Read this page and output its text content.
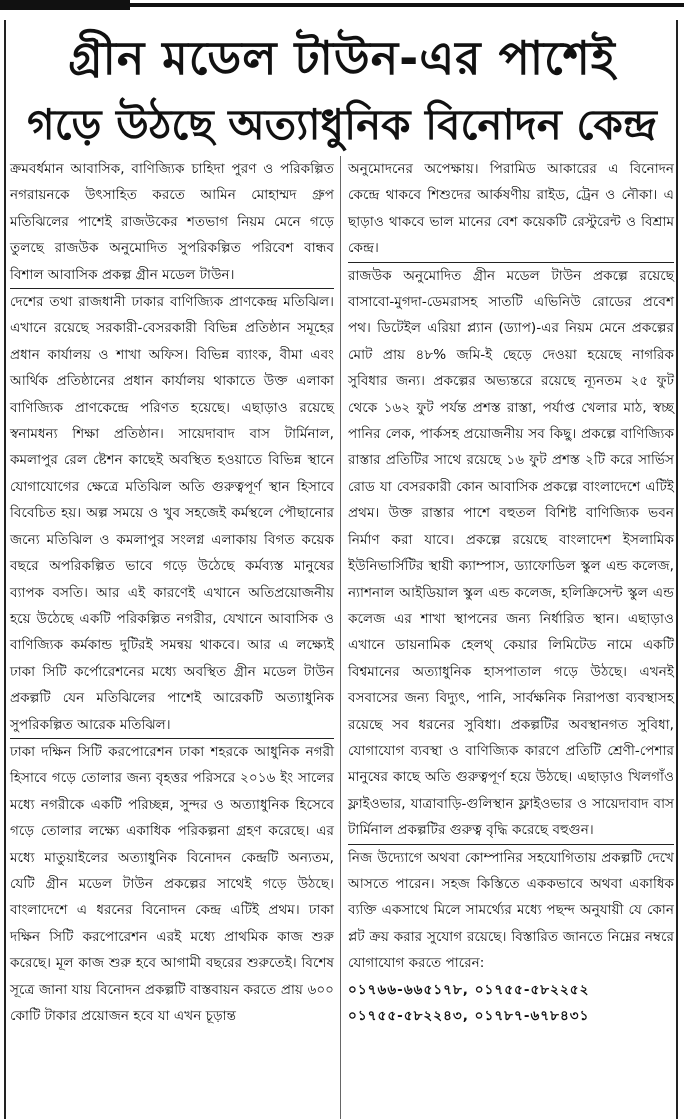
গ্রীন মডেল টাউন-এর পাশেই
গড়ে উঠছে অত্যাধুনিক বিনোদন কেন্দ্র

ক্রমবর্ধমান আবাসিক, বাণিজ্যিক চাহিদা পুরণ ও পরিকল্পিত নগরায়নকে উৎসাহিত করতে আমিন মোহাম্মদ গ্রুপ মতিঝিলের পাশেই রাজউকের শতভাগ নিয়ম মেনে গড়ে তুলছে রাজউক অনুমোদিত সুপরিকল্পিত পরিবেশ বান্ধব বিশাল আবাসিক প্রকল্প গ্রীন মডেল টাউন।

দেশের তথা রাজধানী ঢাকার বাণিজ্যিক প্রাণকেন্দ্র মতিঝিল। এখানে রয়েছে সরকারী-বেসরকারী বিভিন্ন প্রতিষ্ঠান সমূহের প্রধান কার্যালয় ও শাখা অফিস। বিভিন্ন ব্যাংক, বীমা এবং আর্থিক প্রতিষ্ঠানের প্রধান কার্যালয় থাকাতে উক্ত এলাকা বাণিজ্যিক প্রাণকেন্দ্রে পরিণত হয়েছে। এছাড়াও রয়েছে স্বনামধন্য শিক্ষা প্রতিষ্ঠান। সায়েদাবাদ বাস টার্মিনাল, কমলাপুর রেল ষ্টেশন কাছেই অবস্থিত হওয়াতে বিভিন্ন স্থানে যোগাযোগের ক্ষেত্রে মতিঝিল অতি গুরুত্বপূর্ণ স্থান হিসাবে বিবেচিত হয়। অল্প সময়ে ও খুব সহজেই কর্মস্থলে পৌছানোর জন্যে মতিঝিল ও কমলাপুর সংলগ্ন এলাকায় বিগত কয়েক বছরে অপরিকল্পিত ভাবে গড়ে উঠেছে কর্মব্যস্ত মানুষের ব্যাপক বসতি। আর এই কারণেই এখানে অতিপ্রয়োজনীয় হয়ে উঠেছে একটি পরিকল্পিত নগরীর, যেখানে আবাসিক ও বাণিজ্যিক কর্মকান্ড দুটিরই সমন্বয় থাকবে। আর এ লক্ষ্যেই ঢাকা সিটি কর্পোরেশনের মধ্যে অবস্থিত গ্রীন মডেল টাউন প্রকল্পটি যেন মতিঝিলের পাশেই আরেকটি অত্যাধুনিক সুপরিকল্পিত আরেক মতিঝিল।

ঢাকা দক্ষিন সিটি করপোরেশন ঢাকা শহরকে আধুনিক নগরী হিসাবে গড়ে তোলার জন্য বৃহত্তর পরিসরে ২০১৬ ইং সালের মধ্যে নগরীকে একটি পরিচ্ছন্ন, সুন্দর ও অত্যাধুনিক হিসেবে গড়ে তোলার লক্ষ্যে একাধিক পরিকল্পনা গ্রহণ করেছে। এর মধ্যে মাতুয়াইলের অত্যাধুনিক বিনোদন কেন্দ্রটি অন্যতম, যেটি গ্রীন মডেল টাউন প্রকল্পের সাথেই গড়ে উঠছে। বাংলাদেশে এ ধরনের বিনোদন কেন্দ্র এটিই প্রথম। ঢাকা দক্ষিন সিটি করপোরেশন এরই মধ্যে প্রাথমিক কাজ শুরু করেছে। মূল কাজ শুরু হবে আগামী বছরের শুরুতেই। বিশেষ সূত্রে জানা যায় বিনোদন প্রকল্পটি বাস্তবায়ন করতে প্রায় ৬০০ কোটি টাকার প্রয়োজন হবে যা এখন চূড়ান্ত

অনুমোদনের অপেক্ষায়। পিরামিড আকারের এ বিনোদন কেন্দ্রে থাকবে শিশুদের আর্কষণীয় রাইড, ট্রেন ও নৌকা। এ ছাড়াও থাকবে ভাল মানের বেশ কয়েকটি রেস্টুরেন্ট ও বিশ্রাম কেন্দ্র।

রাজউক অনুমোদিত গ্রীন মডেল টাউন প্রকল্পে রয়েছে বাসাবো-মুগদা-ডেমরাসহ সাতটি এভিনিউ রোডের প্রবেশ পথ। ডিটেইল এরিয়া প্ল্যান (ড্যাপ)-এর নিয়ম মেনে প্রকল্পের মোট প্রায় ৪৮% জমি-ই ছেড়ে দেওয়া হয়েছে নাগরিক সুবিধার জন্য। প্রকল্পের অভ্যন্তরে রয়েছে ন্যূনতম ২৫ ফুট থেকে ১৬২ ফুট পর্যন্ত প্রশস্ত রাস্তা, পর্যাপ্ত খেলার মাঠ, স্বচ্ছ পানির লেক, পার্কসহ প্রয়োজনীয় সব কিছু। প্রকল্পে বাণিজ্যিক রাস্তার প্রতিটির সাথে রয়েছে ১৬ ফুট প্রশস্ত ২টি করে সার্ভিস রোড যা বেসরকারী কোন আবাসিক প্রকল্পে বাংলাদেশে এটিই প্রথম। উক্ত রাস্তার পাশে বহুতল বিশিষ্ট বাণিজ্যিক ভবন নির্মাণ করা যাবে। প্রকল্পে রয়েছে বাংলাদেশ ইসলামিক ইউনিভার্সিটির স্থায়ী ক্যাম্পাস, ড্যাফোডিল স্কুল এন্ড কলেজ, ন্যাশনাল আইডিয়াল স্কুল এন্ড কলেজ, হলিক্রিসেন্ট স্কুল এন্ড কলেজ এর শাখা স্থাপনের জন্য নির্ধারিত স্থান। এছাড়াও এখানে ডায়নামিক হেলথ্ কেয়ার লিমিটেড নামে একটি বিশ্বমানের অত্যাধুনিক হাসপাতাল গড়ে উঠছে। এখনই বসবাসের জন্য বিদ্যুৎ, পানি, সার্বক্ষনিক নিরাপত্তা ব্যবস্থাসহ রয়েছে সব ধরনের সুবিধা। প্রকল্পটির অবস্থানগত সুবিধা, যোগাযোগ ব্যবস্থা ও বাণিজ্যিক কারণে প্রতিটি শ্রেণী-পেশার মানুষের কাছে অতি গুরুত্বপূর্ণ হয়ে উঠছে। এছাড়াও খিলগাঁও ফ্লাইওভার, যাত্রাবাড়ি-গুলিস্থান ফ্লাইওভার ও সায়েদাবাদ বাস টার্মিনাল প্রকল্পটির গুরুত্ব বৃদ্ধি করেছে বহুগুন।

নিজ উদ্যোগে অথবা কোম্পানির সহযোগিতায় প্রকল্পটি দেখে আসতে পারেন। সহজ কিস্তিতে এককভাবে অথবা একাধিক ব্যক্তি একসাথে মিলে সামর্থ্যের মধ্যে পছন্দ অনুযায়ী যে কোন প্লট ক্রয় করার সুযোগ রয়েছে। বিস্তারিত জানতে নিম্নের নম্বরে যোগাযোগ করতে পারেন:

০১৭৬৬-৬৬৫১৭৮, ০১৭৫৫-৫৮২২৫২

০১৭৫৫-৫৮২২৪৩, ০১৭৮৭-৬৭৮৪৩১
